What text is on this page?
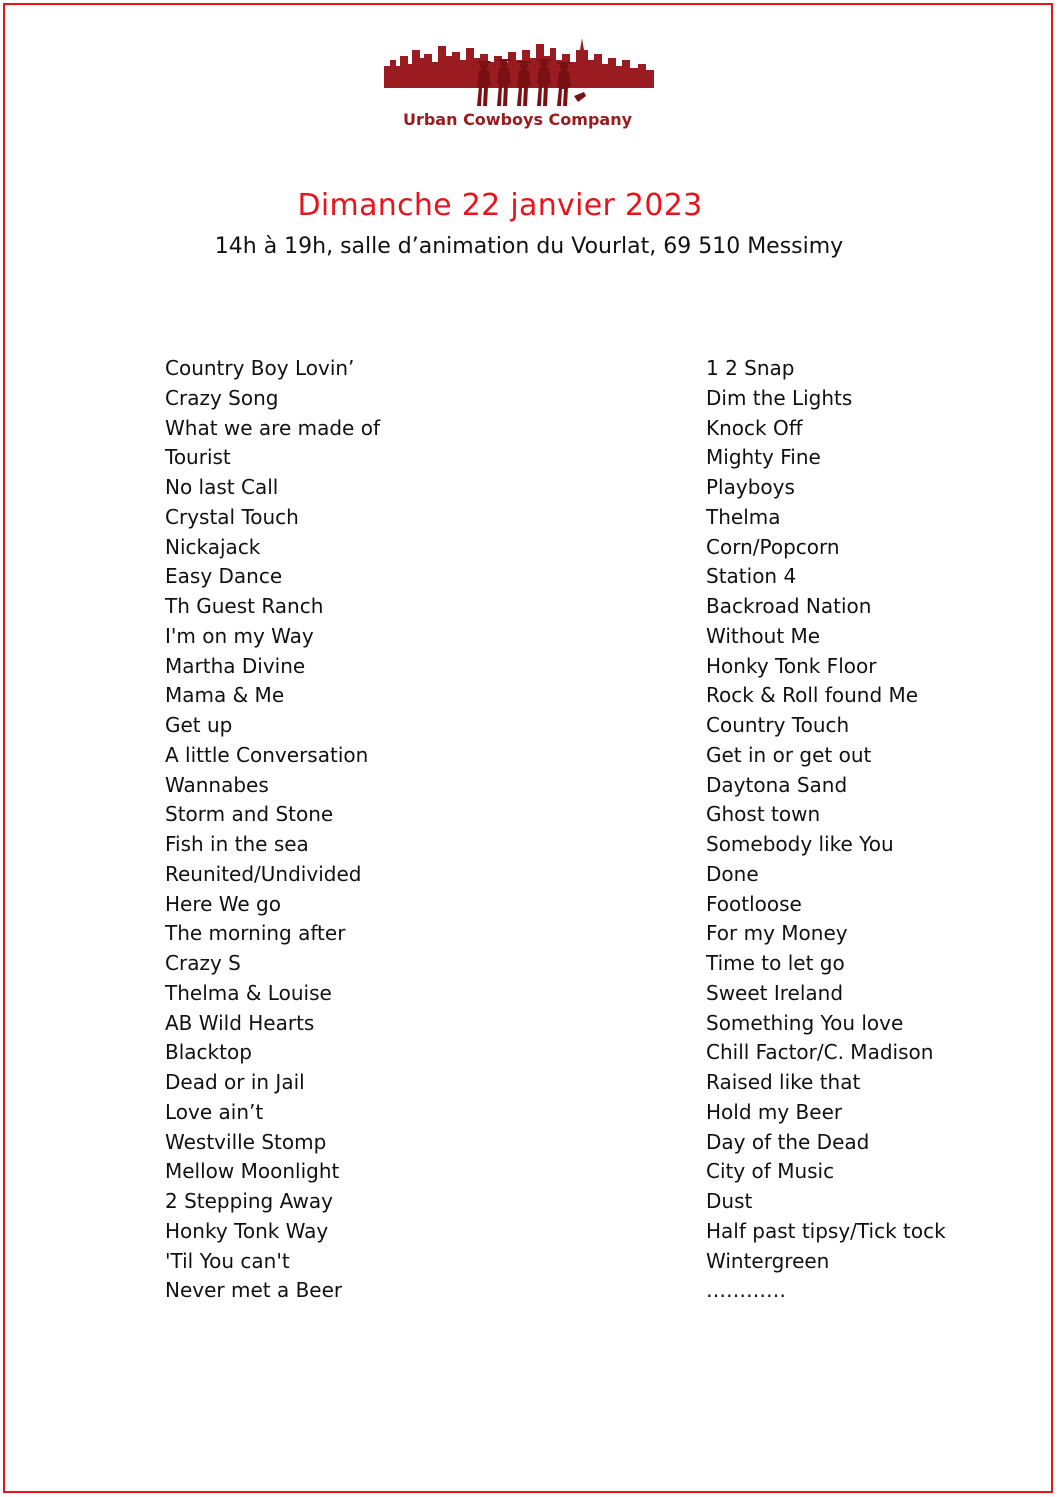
Urban Cowboys Company
Dimanche 22 janvier 2023
14h à 19h, salle d’animation du Vourlat, 69 510 Messimy
Country Boy Lovin’
Crazy Song
What we are made of
Tourist
No last Call
Crystal Touch
Nickajack
Easy Dance
Th Guest Ranch
I'm on my Way
Martha Divine
Mama & Me
Get up
A little Conversation
Wannabes
Storm and Stone
Fish in the sea
Reunited/Undivided
Here We go
The morning after
Crazy S
Thelma & Louise
AB Wild Hearts
Blacktop
Dead or in Jail
Love ain’t
Westville Stomp
Mellow Moonlight
2 Stepping Away
Honky Tonk Way
'Til You can't
Never met a Beer
1 2 Snap
Dim the Lights
Knock Off
Mighty Fine
Playboys
Thelma
Corn/Popcorn
Station 4
Backroad Nation
Without Me
Honky Tonk Floor
Rock & Roll found Me
Country Touch
Get in or get out
Daytona Sand
Ghost town
Somebody like You
Done
Footloose
For my Money
Time to let go
Sweet Ireland
Something You love
Chill Factor/C. Madison
Raised like that
Hold my Beer
Day of the Dead
City of Music
Dust
Half past tipsy/Tick tock
Wintergreen
…………
